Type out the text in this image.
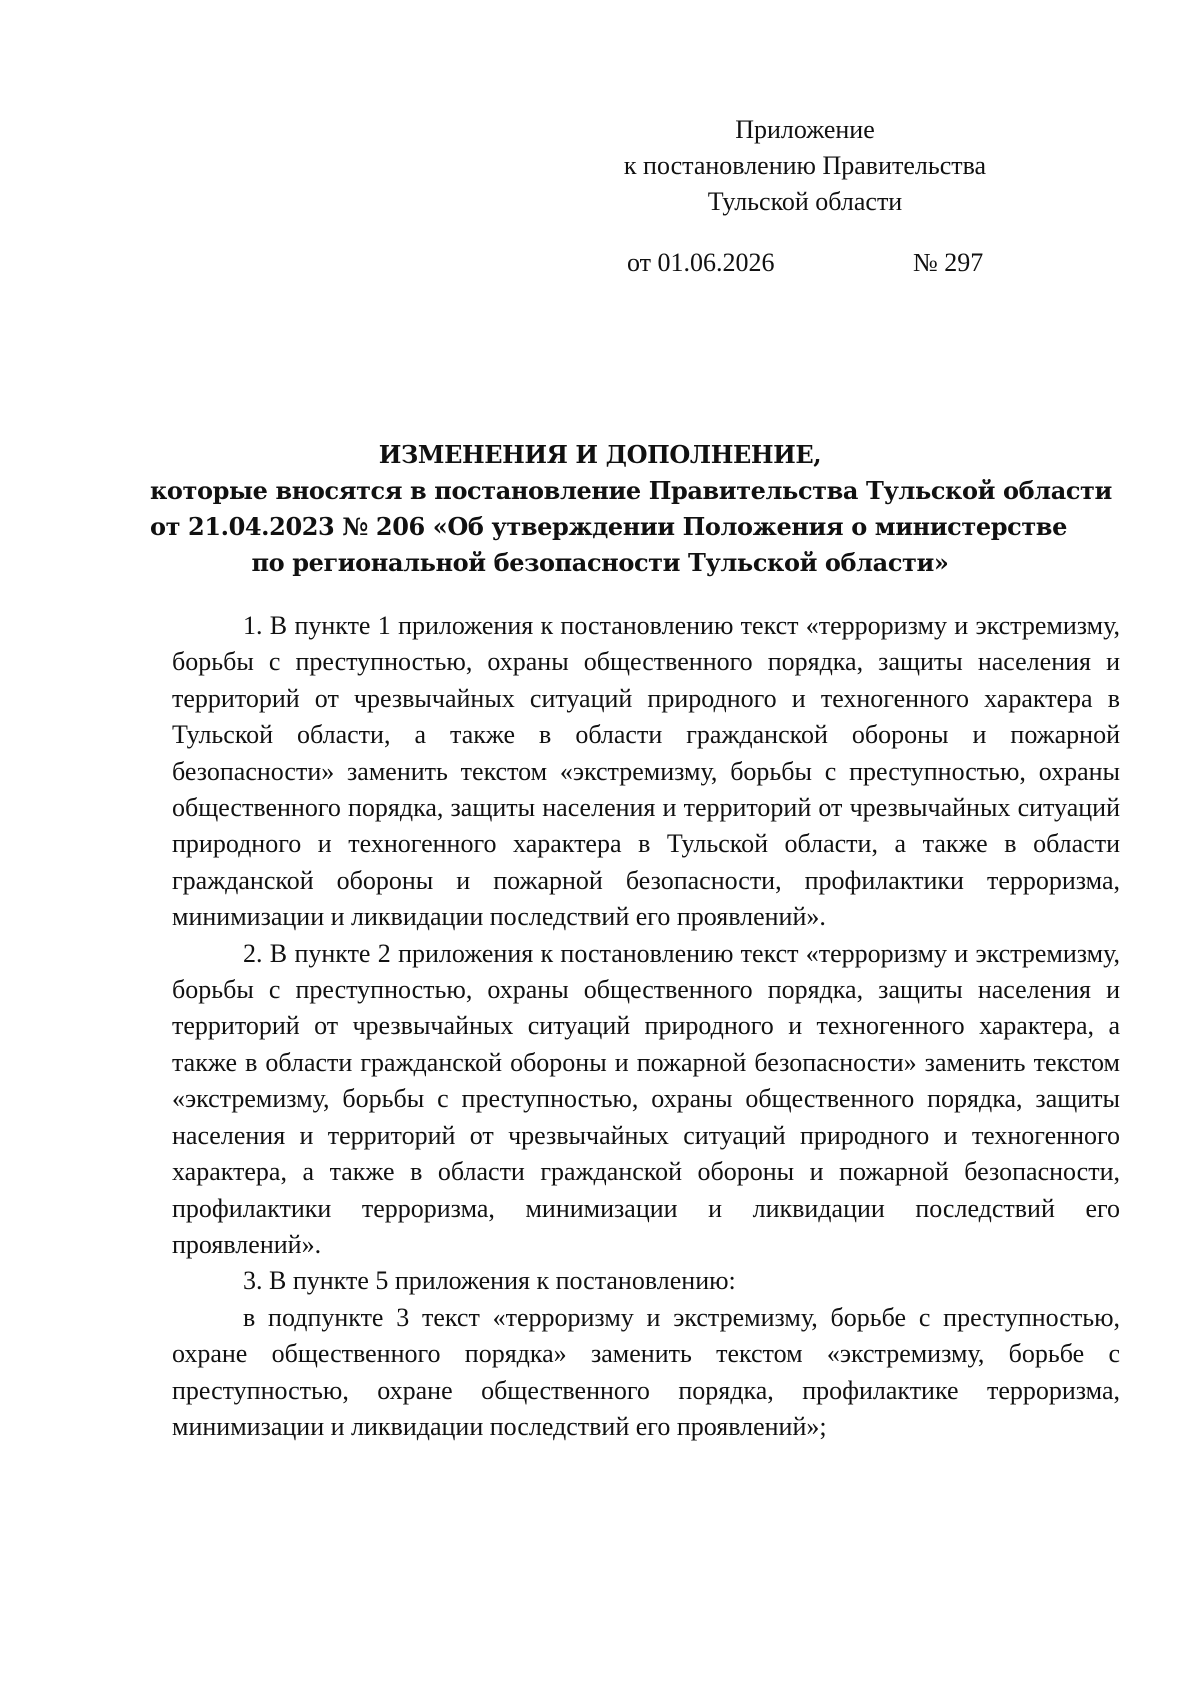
Приложение
к постановлению Правительства
Тульской области
от 01.06.2026	№ 297
ИЗМЕНЕНИЯ И ДОПОЛНЕНИЕ,
которые вносятся в постановление Правительства Тульской области
от 21.04.2023 № 206 «Об утверждении Положения о министерстве
по региональной безопасности Тульской области»

1. В пункте 1 приложения к постановлению текст «терроризму и экстремизму, борьбы с преступностью, охраны общественного порядка, защиты населения и территорий от чрезвычайных ситуаций природного и техногенного характера в Тульской области, а также в области гражданской обороны и пожарной безопасности» заменить текстом «экстремизму, борьбы с преступностью, охраны общественного порядка, защиты населения и территорий от чрезвычайных ситуаций природного и техногенного характера в Тульской области, а также в области гражданской обороны и пожарной безопасности, профилактики терроризма, минимизации и ликвидации последствий его проявлений».

2. В пункте 2 приложения к постановлению текст «терроризму и экстремизму, борьбы с преступностью, охраны общественного порядка, защиты населения и территорий от чрезвычайных ситуаций природного и техногенного характера, а также в области гражданской обороны и пожарной безопасности» заменить текстом «экстремизму, борьбы с преступностью, охраны общественного порядка, защиты населения и территорий от чрезвычайных ситуаций природного и техногенного характера, а также в области гражданской обороны и пожарной безопасности, профилактики терроризма, минимизации и ликвидации последствий его проявлений».

3. В пункте 5 приложения к постановлению:

в подпункте 3 текст «терроризму и экстремизму, борьбе с преступностью, охране общественного порядка» заменить текстом «экстремизму, борьбе с преступностью, охране общественного порядка, профилактике терроризма, минимизации и ликвидации последствий его проявлений»;
